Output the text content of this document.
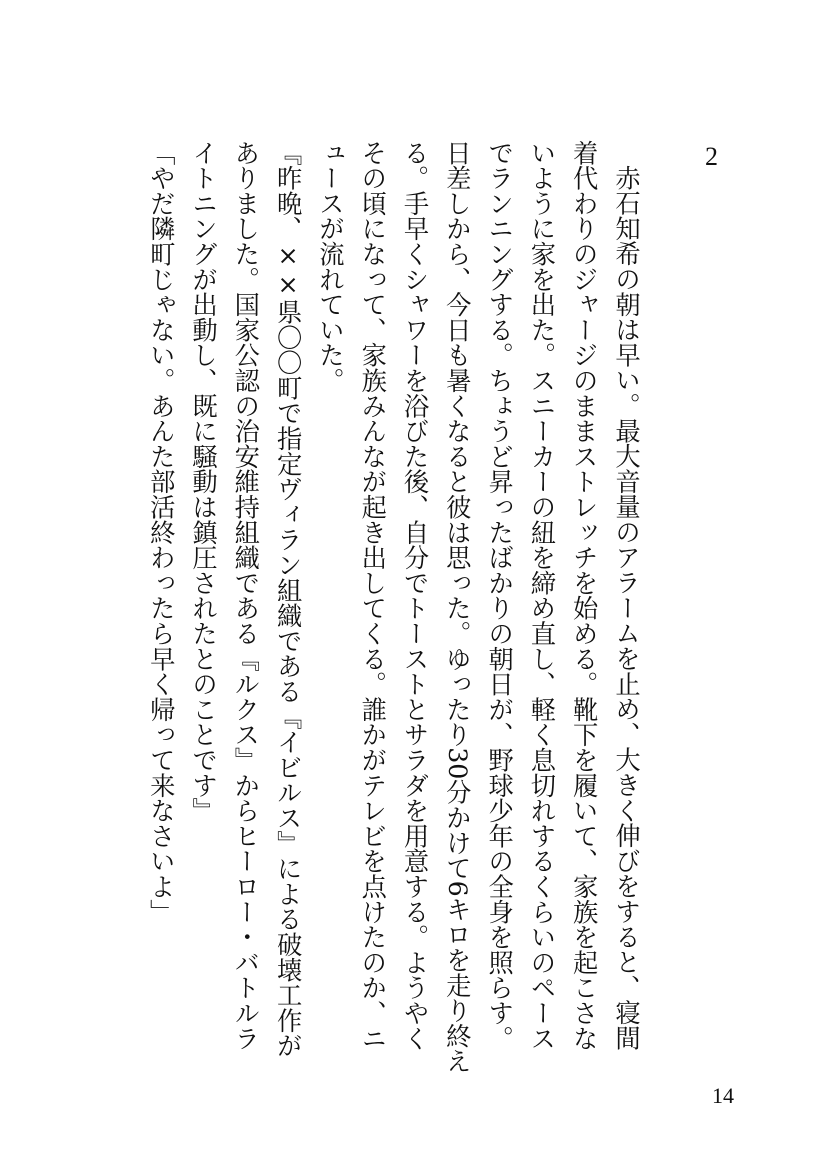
2

赤石知希の朝は早い。最大音量のアラームを止め、大きく伸びをすると、寝間着代わりのジャージのままストレッチを始める。靴下を履いて、家族を起こさないように家を出た。スニーカーの紐を締め直し、軽く息切れするくらいのペースでランニングする。ちょうど昇ったばかりの朝日が、野球少年の全身を照らす。日差しから、今日も暑くなると彼は思った。ゆったり30分かけて6キロを走り終える。手早くシャワーを浴びた後、自分でトーストとサラダを用意する。ようやくその頃になって、家族みんなが起き出してくる。誰かがテレビを点けたのか、ニュースが流れていた。

『昨晩、××県〇〇町で指定ヴィラン組織である『イビルス』による破壊工作がありました。国家公認の治安維持組織である『ルクス』からヒーロー・バトルライトニングが出動し、既に騒動は鎮圧されたとのことです』

「やだ隣町じゃない。あんた部活終わったら早く帰って来なさいよ」

14
